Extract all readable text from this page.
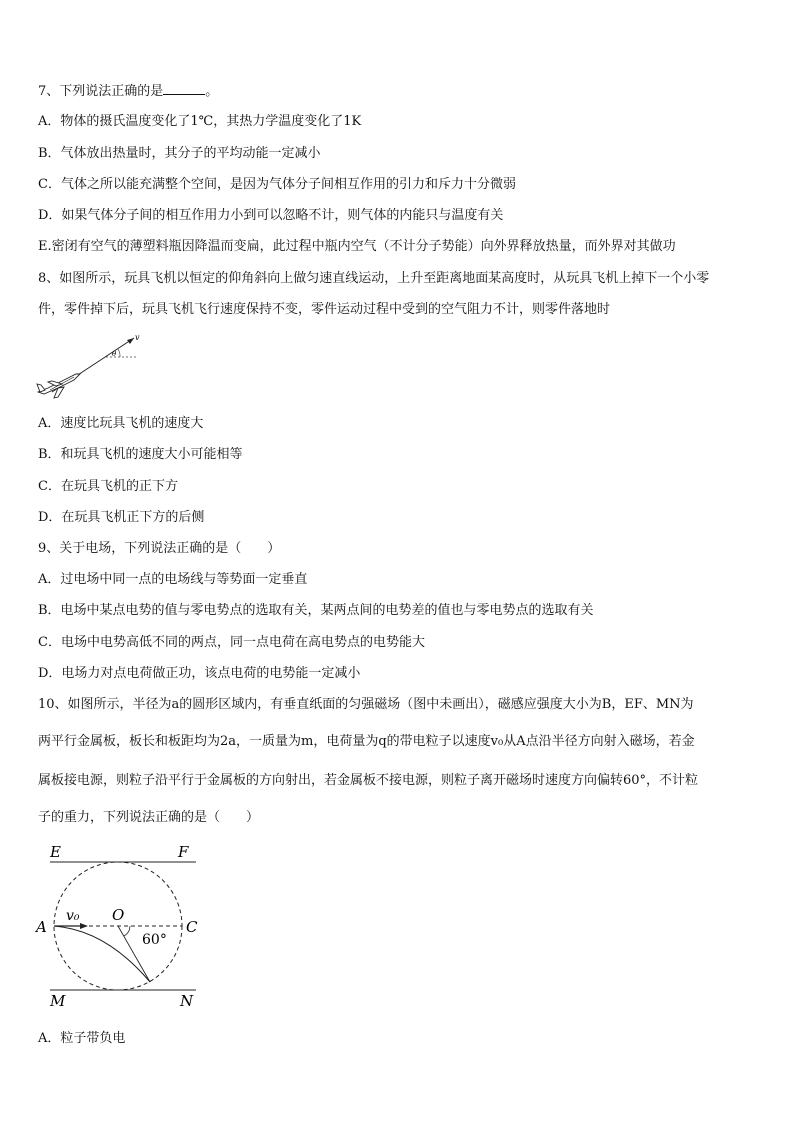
7、下列说法正确的是	。
A．物体的摄氏温度变化了1℃，其热力学温度变化了1K
B．气体放出热量时，其分子的平均动能一定减小
C．气体之所以能充满整个空间，是因为气体分子间相互作用的引力和斥力十分微弱
D．如果气体分子间的相互作用力小到可以忽略不计，则气体的内能只与温度有关
E.密闭有空气的薄塑料瓶因降温而变扁，此过程中瓶内空气（不计分子势能）向外界释放热量，而外界对其做功
8、如图所示，玩具飞机以恒定的仰角斜向上做匀速直线运动，上升至距离地面某高度时，从玩具飞机上掉下一个小零
件，零件掉下后，玩具飞机飞行速度保持不变，零件运动过程中受到的空气阻力不计，则零件落地时
v
θ
A．速度比玩具飞机的速度大
B．和玩具飞机的速度大小可能相等
C．在玩具飞机的正下方
D．在玩具飞机正下方的后侧
9、关于电场，下列说法正确的是（　　）
A．过电场中同一点的电场线与等势面一定垂直
B．电场中某点电势的值与零电势点的选取有关，某两点间的电势差的值也与零电势点的选取有关
C．电场中电势高低不同的两点，同一点电荷在高电势点的电势能大
D．电场力对点电荷做正功，该点电荷的电势能一定减小
10、如图所示，半径为a的圆形区域内，有垂直纸面的匀强磁场（图中未画出），磁感应强度大小为B，EF、MN为
两平行金属板，板长和板距均为2a，一质量为m，电荷量为q的带电粒子以速度v₀从A点沿半径方向射入磁场，若金
属板接电源，则粒子沿平行于金属板的方向射出，若金属板不接电源，则粒子离开磁场时速度方向偏转60°，不计粒
子的重力，下列说法正确的是（　　）
E	F
A
O
C
M	N
v₀
60°
A．粒子带负电
